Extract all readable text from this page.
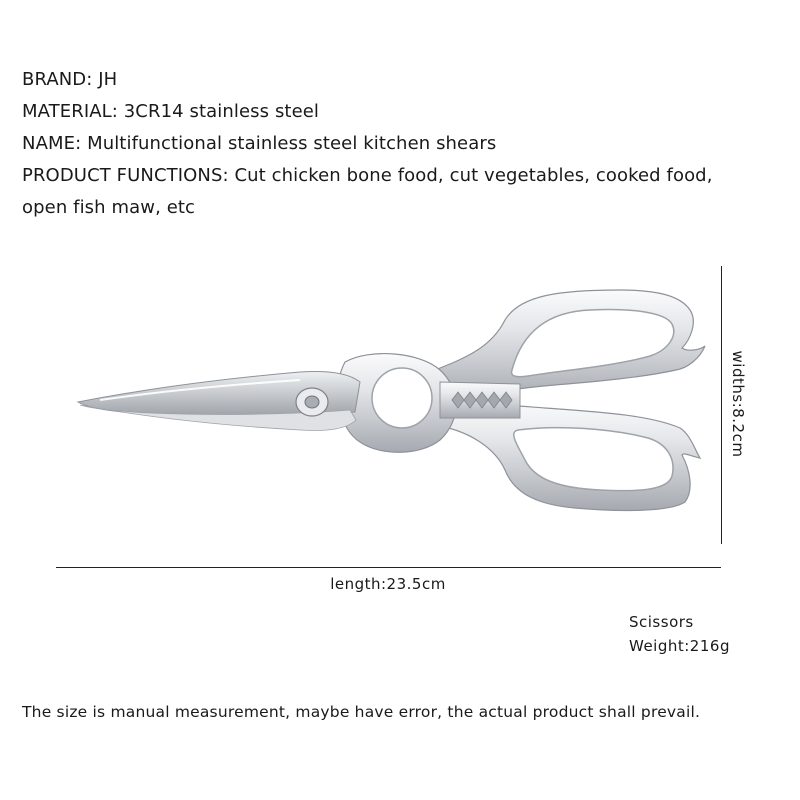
BRAND: JH
MATERIAL: 3CR14 stainless steel
NAME: Multifunctional stainless steel kitchen shears
PRODUCT FUNCTIONS: Cut chicken bone food, cut vegetables, cooked food,
open fish maw, etc
widths:8.2cm
length:23.5cm
Scissors
Weight:216g
The size is manual measurement, maybe have error, the actual product shall prevail.
